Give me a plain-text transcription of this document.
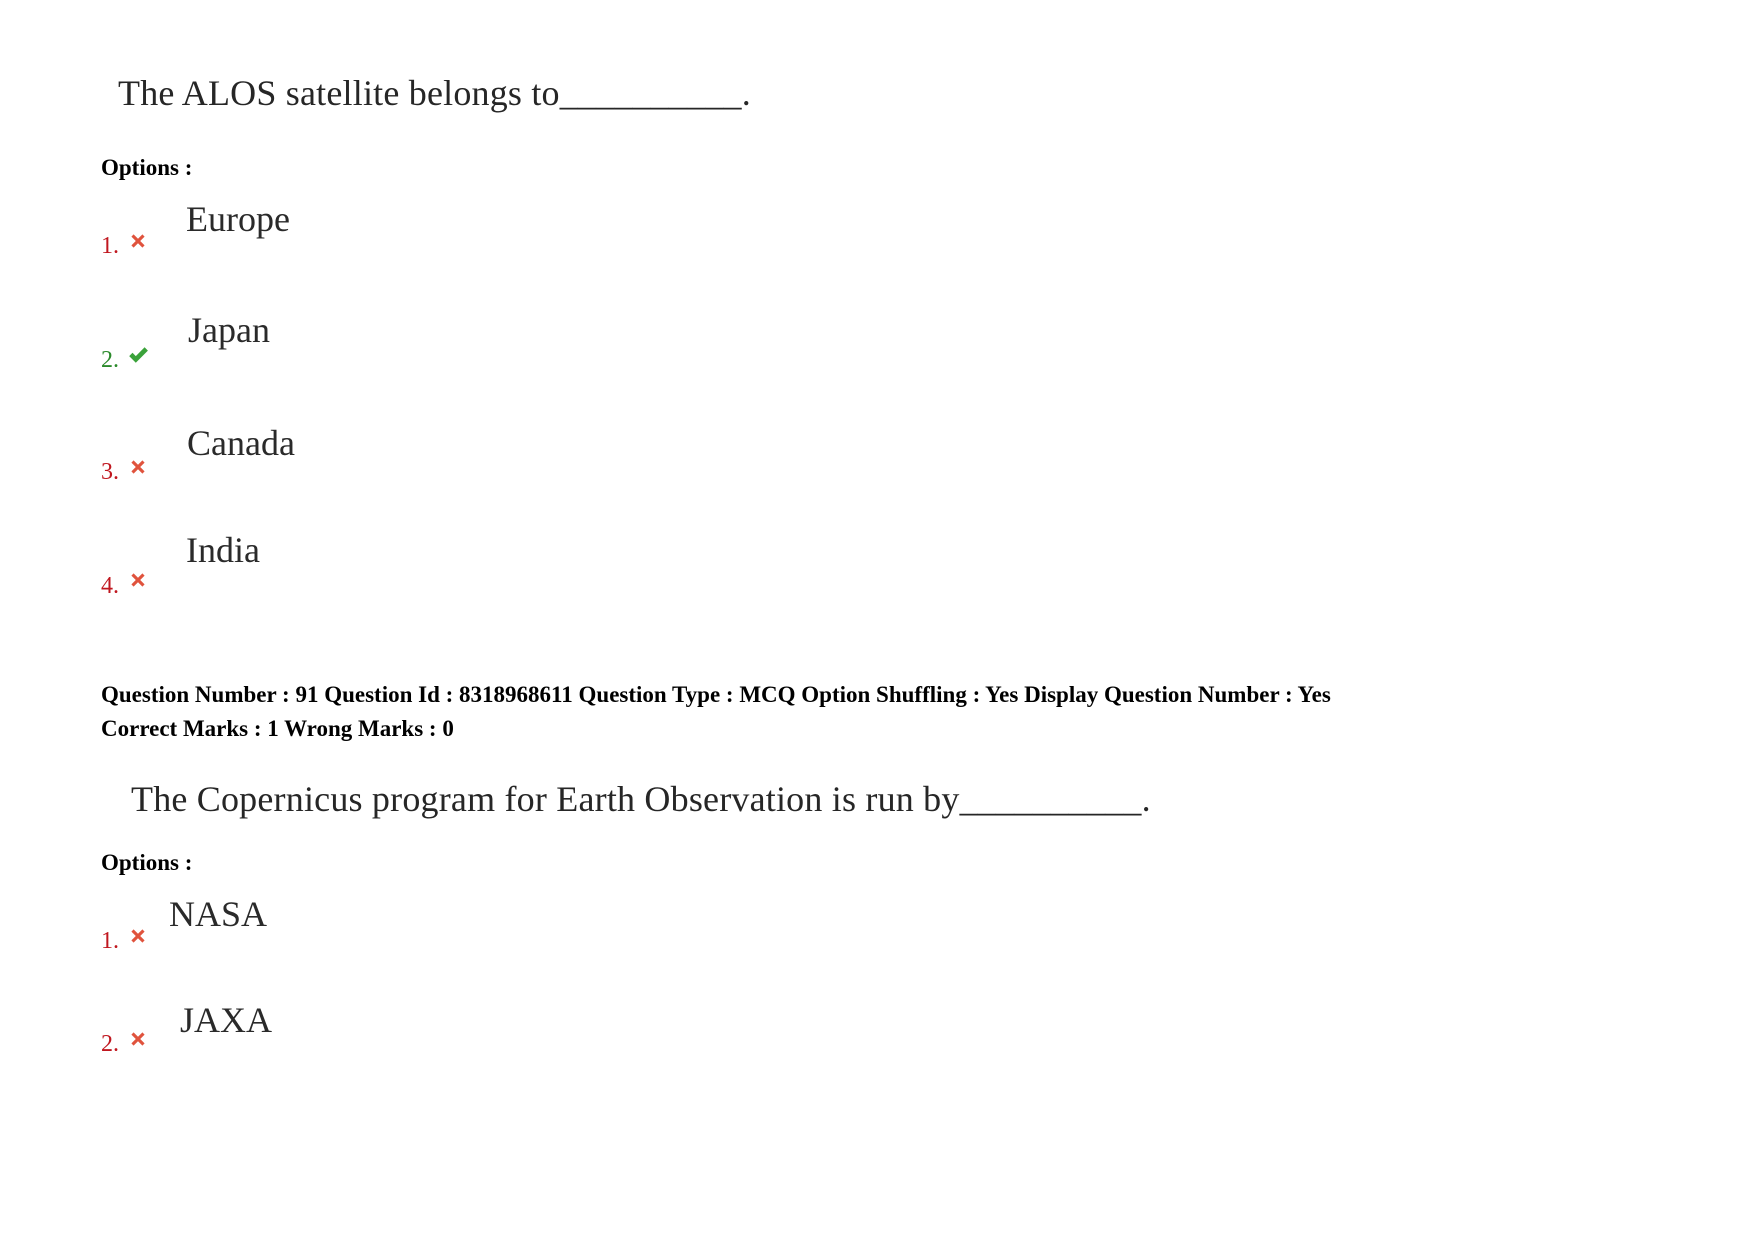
The ALOS satellite belongs to__________.
Options :
1.
Europe
2.
Japan
3.
Canada
4.
India
Question Number : 91 Question Id : 8318968611 Question Type : MCQ Option Shuffling : Yes Display Question Number : Yes
Correct Marks : 1 Wrong Marks : 0
The Copernicus program for Earth Observation is run by__________.
Options :
1.
NASA
2.
JAXA
